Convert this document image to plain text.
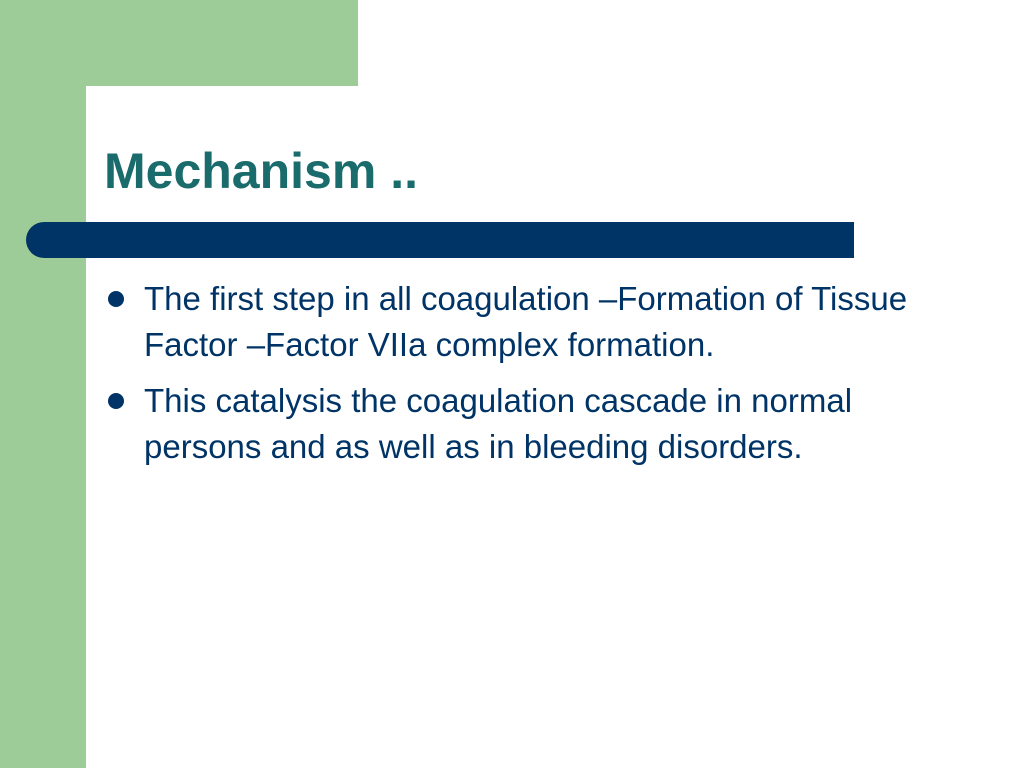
Mechanism ..
The first step in all coagulation –Formation of Tissue Factor –Factor VIIa complex formation.
This catalysis the coagulation cascade in normal persons and as well as in bleeding disorders.
